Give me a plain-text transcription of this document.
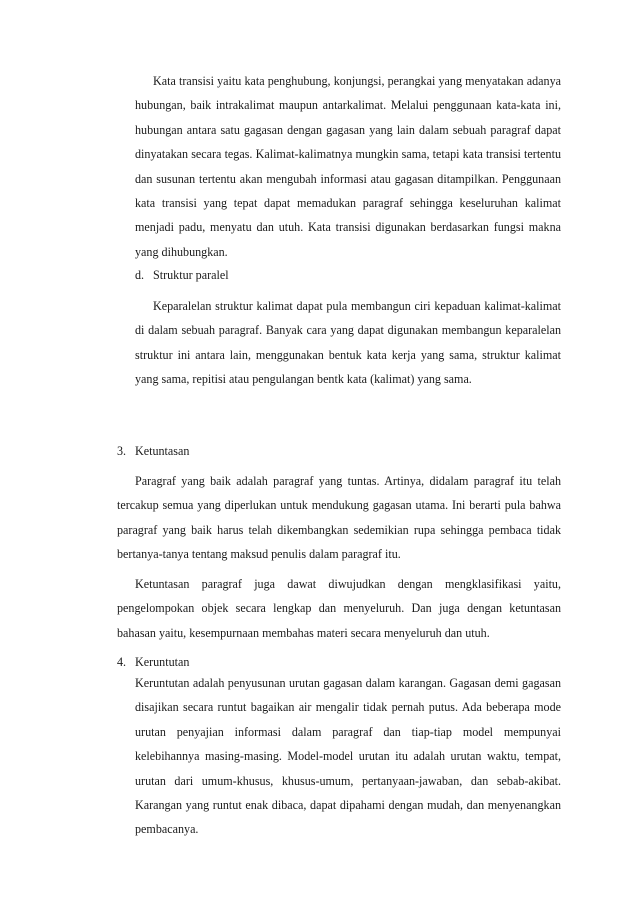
Kata transisi yaitu kata penghubung, konjungsi, perangkai yang menyatakan adanya hubungan, baik intrakalimat maupun antarkalimat. Melalui penggunaan kata-kata ini, hubungan antara satu gagasan dengan gagasan yang lain dalam sebuah paragraf dapat dinyatakan secara tegas. Kalimat-kalimatnya mungkin sama, tetapi kata transisi tertentu dan susunan tertentu akan mengubah informasi atau gagasan ditampilkan. Penggunaan kata transisi yang tepat dapat memadukan paragraf sehingga keseluruhan kalimat menjadi padu, menyatu dan utuh. Kata transisi digunakan berdasarkan fungsi makna yang dihubungkan.

d. Struktur paralel

Keparalelan struktur kalimat dapat pula membangun ciri kepaduan kalimat-kalimat di dalam sebuah paragraf. Banyak cara yang dapat digunakan membangun keparalelan struktur ini antara lain, menggunakan bentuk kata kerja yang sama, struktur kalimat yang sama, repitisi atau pengulangan bentk kata (kalimat) yang sama.

3. Ketuntasan

Paragraf yang baik adalah paragraf yang tuntas. Artinya, didalam paragraf itu telah tercakup semua yang diperlukan untuk mendukung gagasan utama. Ini berarti pula bahwa paragraf yang baik harus telah dikembangkan sedemikian rupa sehingga pembaca tidak bertanya-tanya tentang maksud penulis dalam paragraf itu.

Ketuntasan paragraf juga dawat diwujudkan dengan mengklasifikasi yaitu, pengelompokan objek secara lengkap dan menyeluruh. Dan juga dengan ketuntasan bahasan yaitu, kesempurnaan membahas materi secara menyeluruh dan utuh.

4. Keruntutan

Keruntutan adalah penyusunan urutan gagasan dalam karangan. Gagasan demi gagasan disajikan secara runtut bagaikan air mengalir tidak pernah putus. Ada beberapa mode urutan penyajian informasi dalam paragraf dan tiap-tiap model mempunyai kelebihannya masing-masing. Model-model urutan itu adalah urutan waktu, tempat, urutan dari umum-khusus, khusus-umum, pertanyaan-jawaban, dan sebab-akibat. Karangan yang runtut enak dibaca, dapat dipahami dengan mudah, dan menyenangkan pembacanya.
